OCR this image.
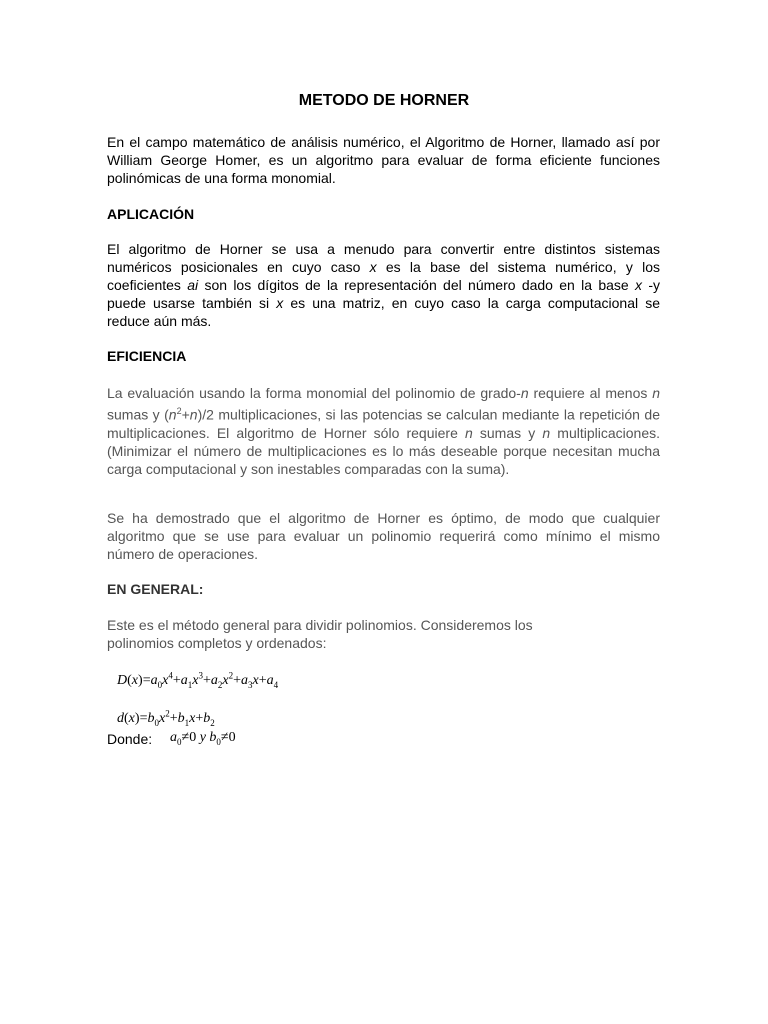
METODO DE HORNER

En el campo matemático de análisis numérico, el Algoritmo de Horner, llamado así por William George Homer, es un algoritmo para evaluar de forma eficiente funciones polinómicas de una forma monomial.

APLICACIÓN

El algoritmo de Horner se usa a menudo para convertir entre distintos sistemas numéricos posicionales en cuyo caso x es la base del sistema numérico, y los coeficientes ai son los dígitos de la representación del número dado en la base x -y puede usarse también si x es una matriz, en cuyo caso la carga computacional se reduce aún más.

EFICIENCIA

La evaluación usando la forma monomial del polinomio de grado-n requiere al menos n sumas y $(n^2+n)/2$ multiplicaciones, si las potencias se calculan mediante la repetición de multiplicaciones. El algoritmo de Horner sólo requiere n sumas y n multiplicaciones. (Minimizar el número de multiplicaciones es lo más deseable porque necesitan mucha carga computacional y son inestables comparadas con la suma).

Se ha demostrado que el algoritmo de Horner es óptimo, de modo que cualquier algoritmo que se use para evaluar un polinomio requerirá como mínimo el mismo número de operaciones.

EN GENERAL:

Este es el método general para dividir polinomios. Consideremos los polinomios completos y ordenados:

$D(x)=a_0x^4+a_1x^3+a_2x^2+a_3x+a_4$
$d(x)=b_0x^2+b_1x+b_2$
Donde: $a_0\ne 0$ y $b_0\ne 0$
